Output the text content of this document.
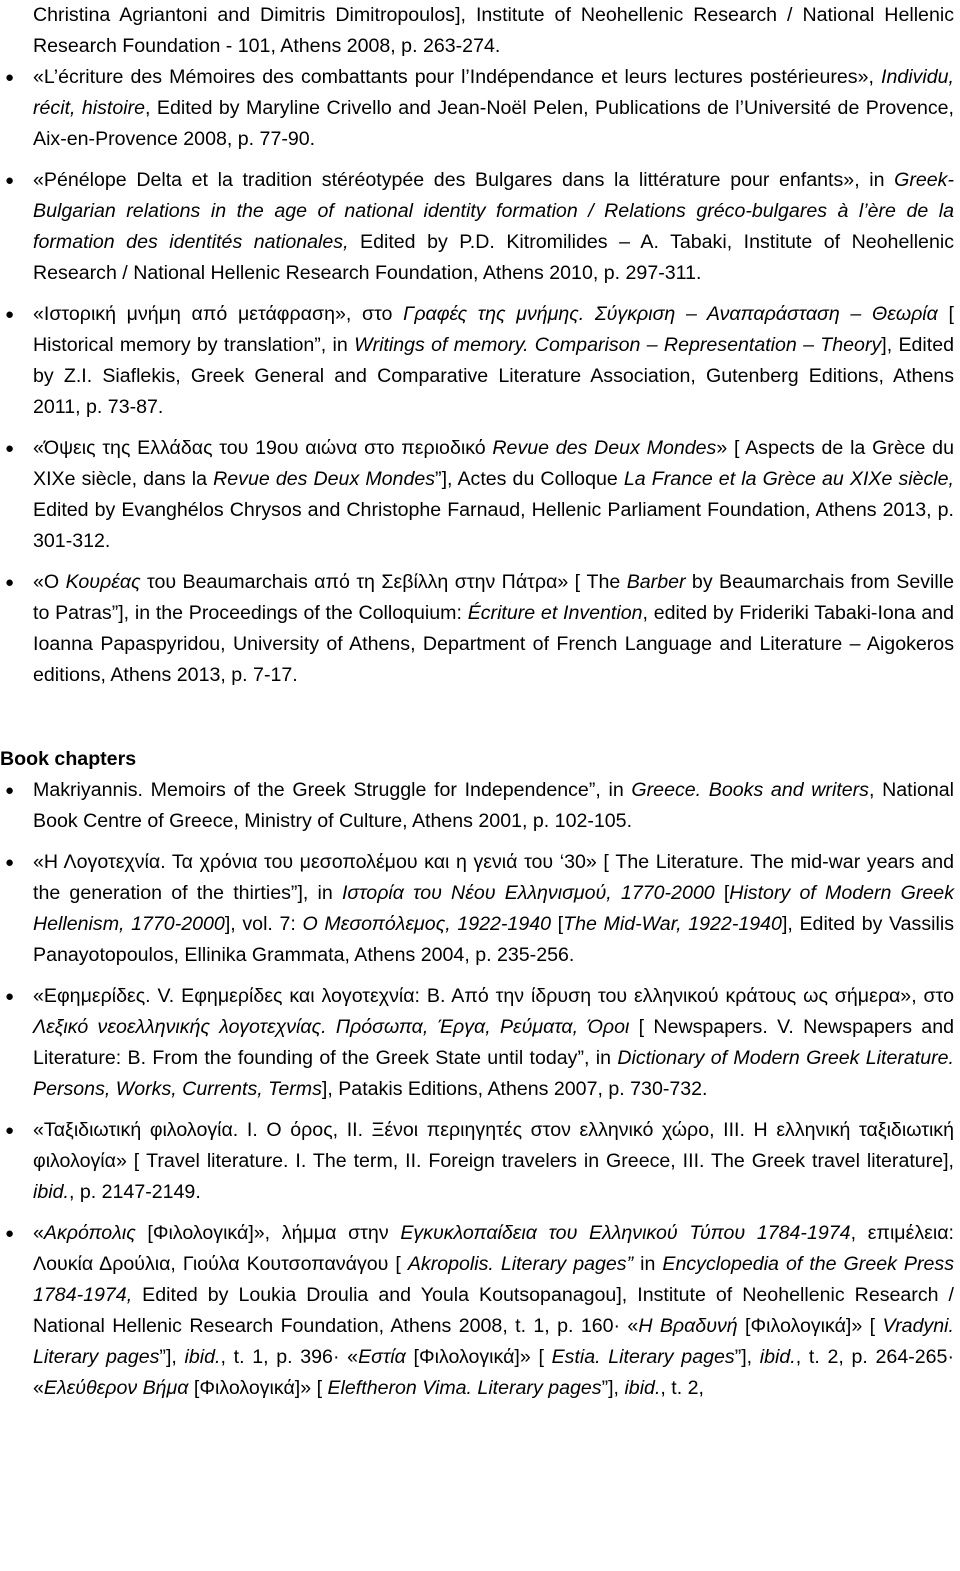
Christina Agriantoni and Dimitris Dimitropoulos], Institute of Neohellenic Research / National Hellenic Research Foundation - 101, Athens 2008, p. 263-274.

● «L’écriture des Mémoires des combattants pour l’Indépendance et leurs lectures postérieures», Individu, récit, histoire, Edited by Maryline Crivello and Jean-Noël Pelen, Publications de l’Université de Provence, Aix-en-Provence 2008, p. 77-90.

● «Pénélope Delta et la tradition stéréotypée des Bulgares dans la littérature pour enfants», in Greek-Bulgarian relations in the age of national identity formation / Relations gréco-bulgares à l’ère de la formation des identités nationales, Edited by P.D. Kitromilides – A. Tabaki, Institute of Neohellenic Research / National Hellenic Research Foundation, Athens 2010, p. 297-311.

● «Ιστορική μνήμη από μετάφραση», στο Γραφές της μνήμης. Σύγκριση – Αναπαράσταση – Θεωρία [ Historical memory by translation”, in Writings of memory. Comparison – Representation – Theory], Edited by Z.I. Siaflekis, Greek General and Comparative Literature Association, Gutenberg Editions, Athens 2011, p. 73-87.

● «Όψεις της Ελλάδας του 19ου αιώνα στο περιοδικό Revue des Deux Mondes» [ Aspects de la Grèce du XIXe siècle, dans la Revue des Deux Mondes”], Actes du Colloque La France et la Grèce au XIXe siècle, Edited by Evanghélos Chrysos and Christophe Farnaud, Hellenic Parliament Foundation, Athens 2013, p. 301-312.

● «Ο Κουρέας του Beaumarchais από τη Σεβίλλη στην Πάτρα» [ The Barber by Beaumarchais from Seville to Patras”], in the Proceedings of the Colloquium: Écriture et Invention, edited by Frideriki Tabaki-Iona and Ioanna Papaspyridou, University of Athens, Department of French Language and Literature – Aigokeros editions, Athens 2013, p. 7-17.

Book chapters

● Makriyannis. Memoirs of the Greek Struggle for Independence”, in Greece. Books and writers, National Book Centre of Greece, Ministry of Culture, Athens 2001, p. 102-105.

● «Η Λογοτεχνία. Τα χρόνια του μεσοπολέμου και η γενιά του ‘30» [ The Literature. The mid-war years and the generation of the thirties”], in Ιστορία του Νέου Ελληνισμού, 1770-2000 [History of Modern Greek Hellenism, 1770-2000], vol. 7: Ο Μεσοπόλεμος, 1922-1940 [The Mid-War, 1922-1940], Edited by Vassilis Panayotopoulos, Ellinika Grammata, Athens 2004, p. 235-256.

● «Εφημερίδες. V. Εφημερίδες και λογοτεχνία: Β. Από την ίδρυση του ελληνικού κράτους ως σήμερα», στο Λεξικό νεοελληνικής λογοτεχνίας. Πρόσωπα, Έργα, Ρεύματα, Όροι [ Newspapers. V. Newspapers and Literature: B. From the founding of the Greek State until today”, in Dictionary of Modern Greek Literature. Persons, Works, Currents, Terms], Patakis Editions, Athens 2007, p. 730-732.

● «Ταξιδιωτική φιλολογία. Ι. Ο όρος, ΙΙ. Ξένοι περιηγητές στον ελληνικό χώρο, ΙΙΙ. Η ελληνική ταξιδιωτική φιλολογία» [ Travel literature. I. The term, II. Foreign travelers in Greece, III. The Greek travel literature], ibid., p. 2147-2149.

● «Ακρόπολις [Φιλολογικά]», λήμμα στην Εγκυκλοπαίδεια του Ελληνικού Τύπου 1784-1974, επιμέλεια: Λουκία Δρούλια, Γιούλα Κουτσοπανάγου [ Akropolis. Literary pages” in Encyclopedia of the Greek Press 1784-1974, Edited by Loukia Droulia and Youla Koutsopanagou], Institute of Neohellenic Research / National Hellenic Research Foundation, Athens 2008, t. 1, p. 160· «Η Βραδυνή [Φιλολογικά]» [ Vradyni. Literary pages”], ibid., t. 1, p. 396· «Εστία [Φιλολογικά]» [ Estia. Literary pages”], ibid., t. 2, p. 264-265· «Ελεύθερον Βήμα [Φιλολογικά]» [ Eleftheron Vima. Literary pages”], ibid., t. 2,
